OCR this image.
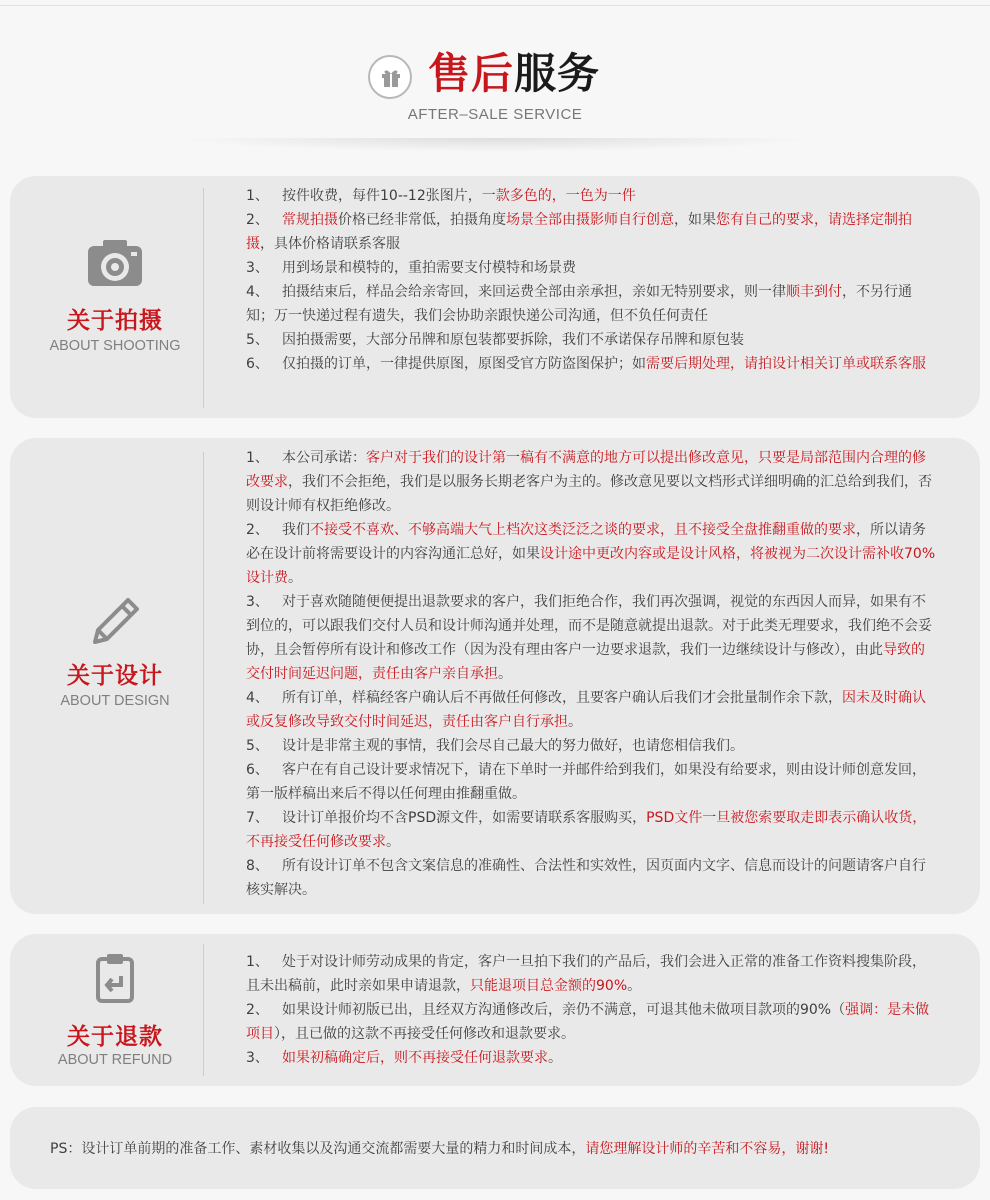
售后服务
AFTER–SALE SERVICE
关于拍摄
ABOUT SHOOTING
1、 按件收费，每件10--12张图片，一款多色的，一色为一件
2、 常规拍摄价格已经非常低，拍摄角度场景全部由摄影师自行创意，如果您有自己的要求，请选择定制拍摄，具体价格请联系客服
3、 用到场景和模特的，重拍需要支付模特和场景费
4、 拍摄结束后，样品会给亲寄回，来回运费全部由亲承担，亲如无特别要求，则一律顺丰到付，不另行通知；万一快递过程有遗失，我们会协助亲跟快递公司沟通，但不负任何责任
5、 因拍摄需要，大部分吊牌和原包装都要拆除，我们不承诺保存吊牌和原包装
6、 仅拍摄的订单，一律提供原图，原图受官方防盗图保护；如需要后期处理，请拍设计相关订单或联系客服
关于设计
ABOUT DESIGN
1、 本公司承诺：客户对于我们的设计第一稿有不满意的地方可以提出修改意见，只要是局部范围内合理的修改要求，我们不会拒绝，我们是以服务长期老客户为主的。修改意见要以文档形式详细明确的汇总给到我们，否则设计师有权拒绝修改。
2、 我们不接受不喜欢、不够高端大气上档次这类泛泛之谈的要求，且不接受全盘推翻重做的要求，所以请务必在设计前将需要设计的内容沟通汇总好，如果设计途中更改内容或是设计风格，将被视为二次设计需补收70%设计费。
3、 对于喜欢随随便便提出退款要求的客户，我们拒绝合作，我们再次强调，视觉的东西因人而异，如果有不到位的，可以跟我们交付人员和设计师沟通并处理，而不是随意就提出退款。对于此类无理要求，我们绝不会妥协，且会暂停所有设计和修改工作（因为没有理由客户一边要求退款，我们一边继续设计与修改），由此导致的交付时间延迟问题，责任由客户亲自承担。
4、 所有订单，样稿经客户确认后不再做任何修改，且要客户确认后我们才会批量制作余下款，因未及时确认或反复修改导致交付时间延迟，责任由客户自行承担。
5、 设计是非常主观的事情，我们会尽自己最大的努力做好，也请您相信我们。
6、 客户在有自己设计要求情况下，请在下单时一并邮件给到我们，如果没有给要求，则由设计师创意发回，第一版样稿出来后不得以任何理由推翻重做。
7、 设计订单报价均不含PSD源文件，如需要请联系客服购买，PSD文件一旦被您索要取走即表示确认收货，不再接受任何修改要求。
8、 所有设计订单不包含文案信息的准确性、合法性和实效性，因页面内文字、信息而设计的问题请客户自行核实解决。
关于退款
ABOUT REFUND
1、 处于对设计师劳动成果的肯定，客户一旦拍下我们的产品后，我们会进入正常的准备工作资料搜集阶段，且未出稿前，此时亲如果申请退款，只能退项目总金额的90%。
2、 如果设计师初版已出，且经双方沟通修改后，亲仍不满意，可退其他未做项目款项的90%（强调：是未做项目），且已做的这款不再接受任何修改和退款要求。
3、 如果初稿确定后，则不再接受任何退款要求。
PS：设计订单前期的准备工作、素材收集以及沟通交流都需要大量的精力和时间成本，请您理解设计师的辛苦和不容易，谢谢!
